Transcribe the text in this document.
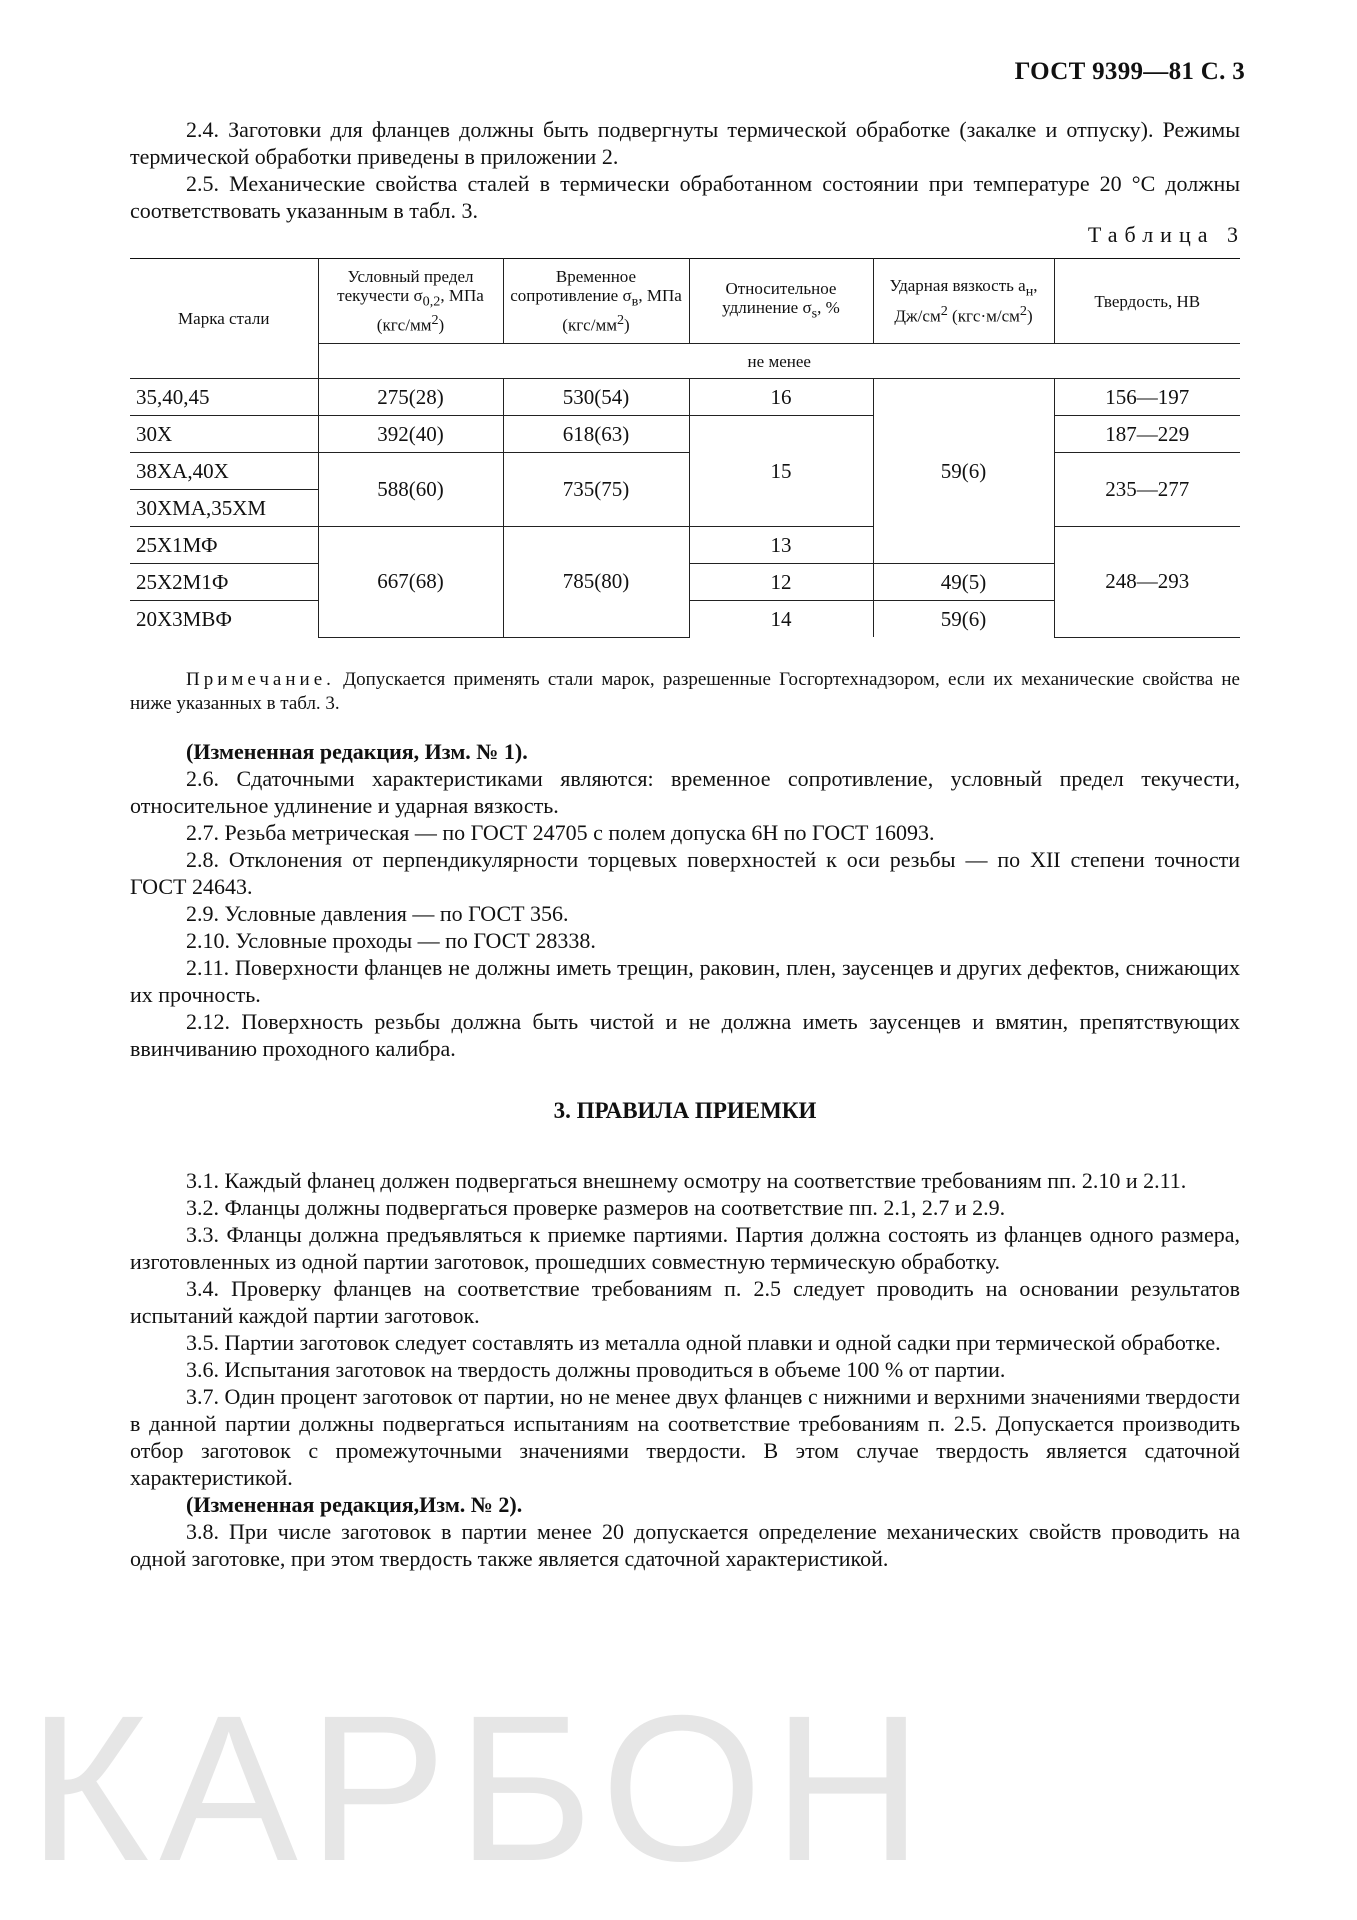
ГОСТ 9399—81 С. 3

2.4. Заготовки для фланцев должны быть подвергнуты термической обработке (закалке и отпуску). Режимы термической обработки приведены в приложении 2.

2.5. Механические свойства сталей в термически обработанном состоянии при температуре 20 °С должны соответствовать указанным в табл. 3.

Таблица 3
Марка стали	Условный предел текучести $\sigma_{0,2}$, МПа $(кгс/мм^2)$	Временное сопротивление $\sigma_в$, МПа $(кгс/мм^2)$	Относительное удлинение $\sigma_s$, %	Ударная вязкость $a_н$, $Дж/см^2$ $(кгс\cdot м/см^2)$	Твердость, НВ
	не менее				
35,40,45	275(28)	530(54)	16	59(6)	156—197
30Х	392(40)	618(63)	15		187—229
38ХА,40Х	588(60)	735(75)			235—277
30ХМА,35ХМ					
25Х1МФ	667(68)	785(80)	13		248—293
25Х2М1Ф			12	49(5)	
20Х3МВФ			14	59(6)	
Примечание. Допускается применять стали марок, разрешенные Госгортехнадзором, если их механические свойства не ниже указанных в табл. 3.

(Измененная редакция, Изм. № 1).

2.6. Сдаточными характеристиками являются: временное сопротивление, условный предел текучести, относительное удлинение и ударная вязкость.

2.7. Резьба метрическая — по ГОСТ 24705 с полем допуска 6Н по ГОСТ 16093.

2.8. Отклонения от перпендикулярности торцевых поверхностей к оси резьбы — по XII степени точности ГОСТ 24643.

2.9. Условные давления — по ГОСТ 356.

2.10. Условные проходы — по ГОСТ 28338.

2.11. Поверхности фланцев не должны иметь трещин, раковин, плен, заусенцев и других дефектов, снижающих их прочность.

2.12. Поверхность резьбы должна быть чистой и не должна иметь заусенцев и вмятин, препятствующих ввинчиванию проходного калибра.

3. ПРАВИЛА ПРИЕМКИ

3.1. Каждый фланец должен подвергаться внешнему осмотру на соответствие требованиям пп. 2.10 и 2.11.

3.2. Фланцы должны подвергаться проверке размеров на соответствие пп. 2.1, 2.7 и 2.9.

3.3. Фланцы должна предъявляться к приемке партиями. Партия должна состоять из фланцев одного размера, изготовленных из одной партии заготовок, прошедших совместную термическую обработку.

3.4. Проверку фланцев на соответствие требованиям п. 2.5 следует проводить на основании результатов испытаний каждой партии заготовок.

3.5. Партии заготовок следует составлять из металла одной плавки и одной садки при термической обработке.

3.6. Испытания заготовок на твердость должны проводиться в объеме 100 % от партии.

3.7. Один процент заготовок от партии, но не менее двух фланцев с нижними и верхними значениями твердости в данной партии должны подвергаться испытаниям на соответствие требованиям п. 2.5. Допускается производить отбор заготовок с промежуточными значениями твердости. В этом случае твердость является сдаточной характеристикой.

(Измененная редакция,Изм. № 2).

3.8. При числе заготовок в партии менее 20 допускается определение механических свойств проводить на одной заготовке, при этом твердость также является сдаточной характеристикой.

КАРБОН
